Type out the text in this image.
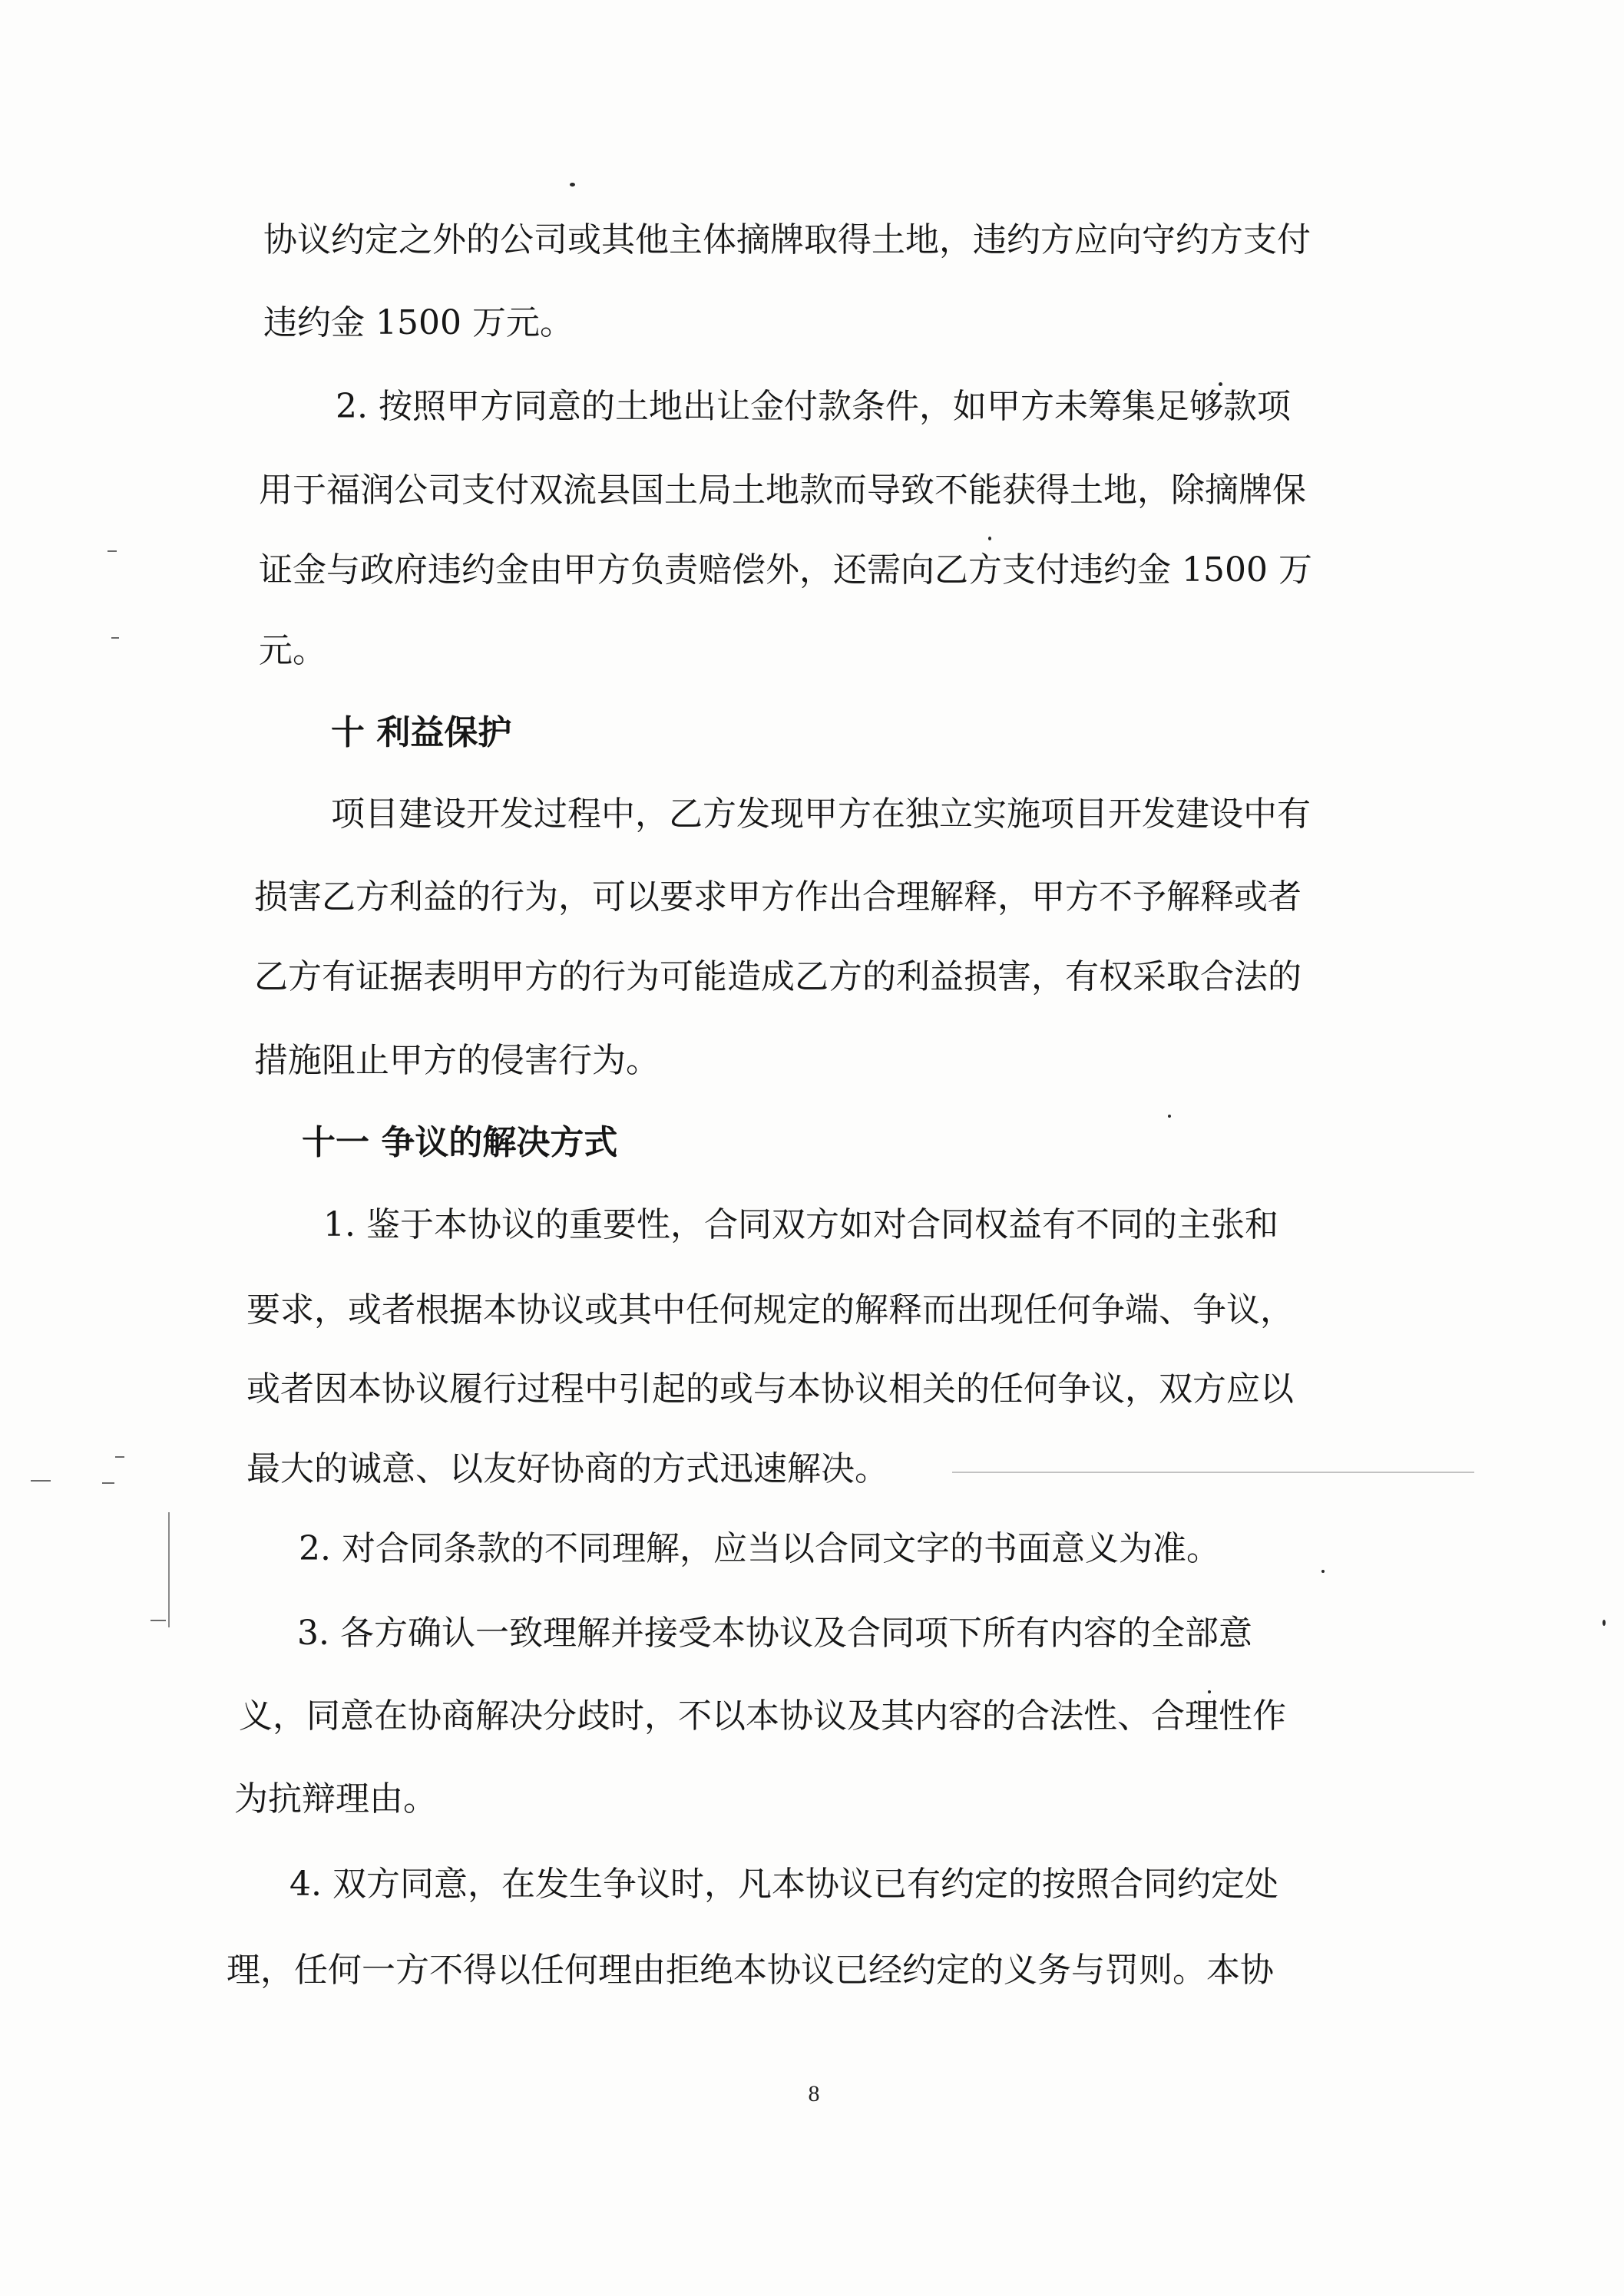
协议约定之外的公司或其他主体摘牌取得土地，违约方应向守约方支付

违约金 1500 万元。

2. 按照甲方同意的土地出让金付款条件，如甲方未筹集足够款项

用于福润公司支付双流县国土局土地款而导致不能获得土地，除摘牌保

证金与政府违约金由甲方负责赔偿外，还需向乙方支付违约金 1500 万

元。

十 利益保护

项目建设开发过程中，乙方发现甲方在独立实施项目开发建设中有

损害乙方利益的行为，可以要求甲方作出合理解释，甲方不予解释或者

乙方有证据表明甲方的行为可能造成乙方的利益损害，有权采取合法的

措施阻止甲方的侵害行为。

十一 争议的解决方式

1. 鉴于本协议的重要性，合同双方如对合同权益有不同的主张和

要求，或者根据本协议或其中任何规定的解释而出现任何争端、争议，

或者因本协议履行过程中引起的或与本协议相关的任何争议，双方应以

最大的诚意、以友好协商的方式迅速解决。

2. 对合同条款的不同理解，应当以合同文字的书面意义为准。

3. 各方确认一致理解并接受本协议及合同项下所有内容的全部意

义，同意在协商解决分歧时，不以本协议及其内容的合法性、合理性作

为抗辩理由。

4. 双方同意，在发生争议时，凡本协议已有约定的按照合同约定处

理，任何一方不得以任何理由拒绝本协议已经约定的义务与罚则。本协

8
